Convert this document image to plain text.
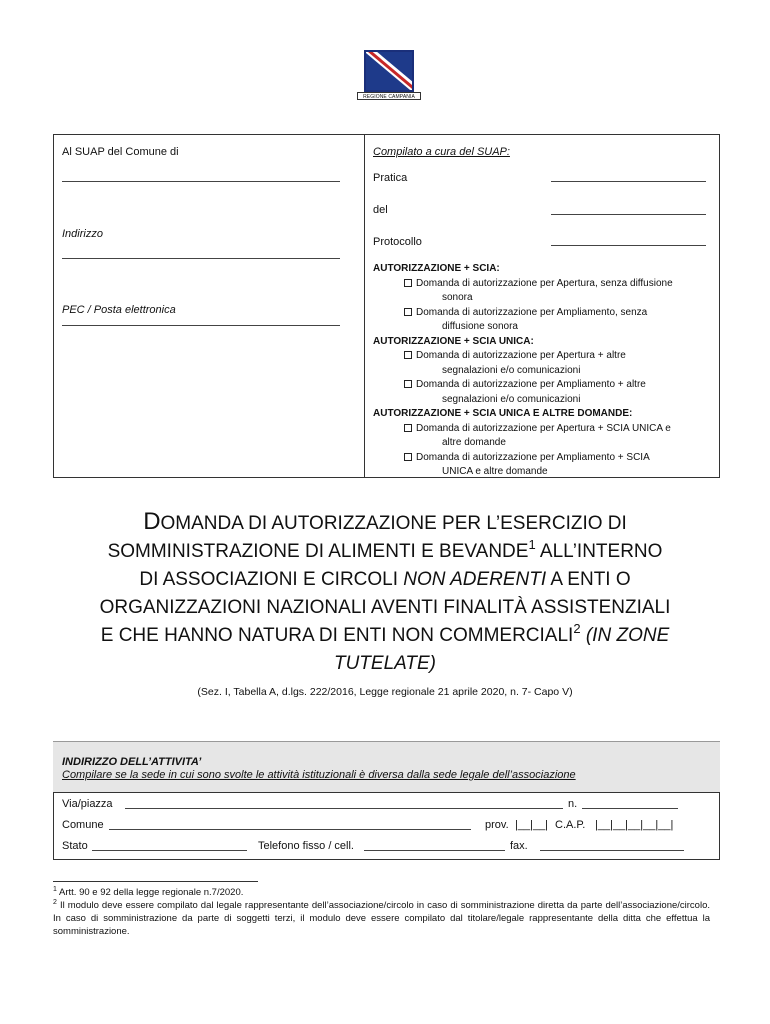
REGIONE CAMPANIA
Al SUAP del Comune di
Indirizzo
PEC / Posta elettronica
Compilato a cura del SUAP:
Pratica
del
Protocollo
AUTORIZZAZIONE + SCIA:
Domanda di autorizzazione per Apertura, senza diffusione
sonora
Domanda di autorizzazione per Ampliamento, senza
diffusione sonora
AUTORIZZAZIONE + SCIA UNICA:
Domanda di autorizzazione per Apertura + altre
segnalazioni e/o comunicazioni
Domanda di autorizzazione per Ampliamento + altre
segnalazioni e/o comunicazioni
AUTORIZZAZIONE + SCIA UNICA E ALTRE DOMANDE:
Domanda di autorizzazione per Apertura + SCIA UNICA e
altre domande
Domanda di autorizzazione per Ampliamento + SCIA
UNICA e altre domande
DOMANDA DI AUTORIZZAZIONE PER L’ESERCIZIO DI
SOMMINISTRAZIONE DI ALIMENTI E BEVANDE$^1$ ALL’INTERNO
DI ASSOCIAZIONI E CIRCOLI NON ADERENTI A ENTI O
ORGANIZZAZIONI NAZIONALI AVENTI FINALITÀ ASSISTENZIALI
E CHE HANNO NATURA DI ENTI NON COMMERCIALI$^2$ (IN ZONE
TUTELATE)
(Sez. I, Tabella A, d.lgs. 222/2016, Legge regionale 21 aprile 2020, n. 7- Capo V)
INDIRIZZO DELL’ATTIVITA’
Compilare se la sede in cui sono svolte le attività istituzionali è diversa dalla sede legale dell’associazione
Via/piazza	n.
Comune	prov. |__|__| C.A.P. |__|__|__|__|__|
Stato	Telefono fisso / cell.	fax.
$^1$ Artt. 90 e 92 della legge regionale n.7/2020.
$^2$ Il modulo deve essere compilato dal legale rappresentante dell’associazione/circolo in caso di somministrazione diretta da parte dell’associazione/circolo. In caso di somministrazione da parte di soggetti terzi, il modulo deve essere compilato dal titolare/legale rappresentante della ditta che effettua la somministrazione.
